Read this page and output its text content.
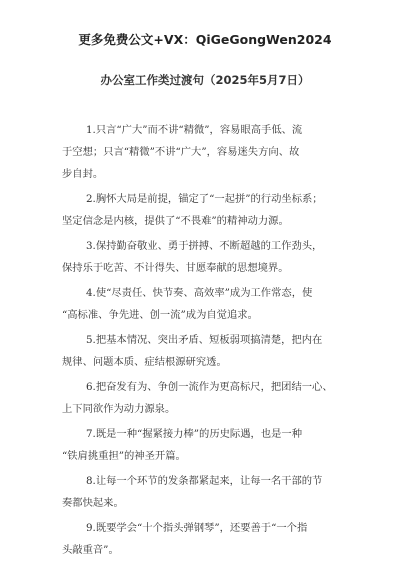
更多免费公文+VX：QiGeGongWen2024
办公室工作类过渡句（2025年5月7日）
1.只言“广大”而不讲“精微”，容易眼高手低、流
于空想；只言“精微”不讲“广大”，容易迷失方向、故
步自封。
2.胸怀大局是前提，锚定了“一起拼”的行动坐标系；
坚定信念是内核，提供了“不畏难”的精神动力源。
3.保持勤奋敬业、勇于拼搏、不断超越的工作劲头，
保持乐于吃苦、不计得失、甘愿奉献的思想境界。
4.使“尽责任、快节奏、高效率”成为工作常态，使
“高标准、争先进、创一流”成为自觉追求。
5.把基本情况、突出矛盾、短板弱项搞清楚，把内在
规律、问题本质、症结根源研究透。
6.把奋发有为、争创一流作为更高标尺，把团结一心、
上下同欲作为动力源泉。
7.既是一种“握紧接力棒”的历史际遇，也是一种
“铁肩挑重担”的神圣开篇。
8.让每一个环节的发条都紧起来，让每一名干部的节
奏都快起来。
9.既要学会“十个指头弹钢琴”，还要善于“一个指
头敲重音”。
